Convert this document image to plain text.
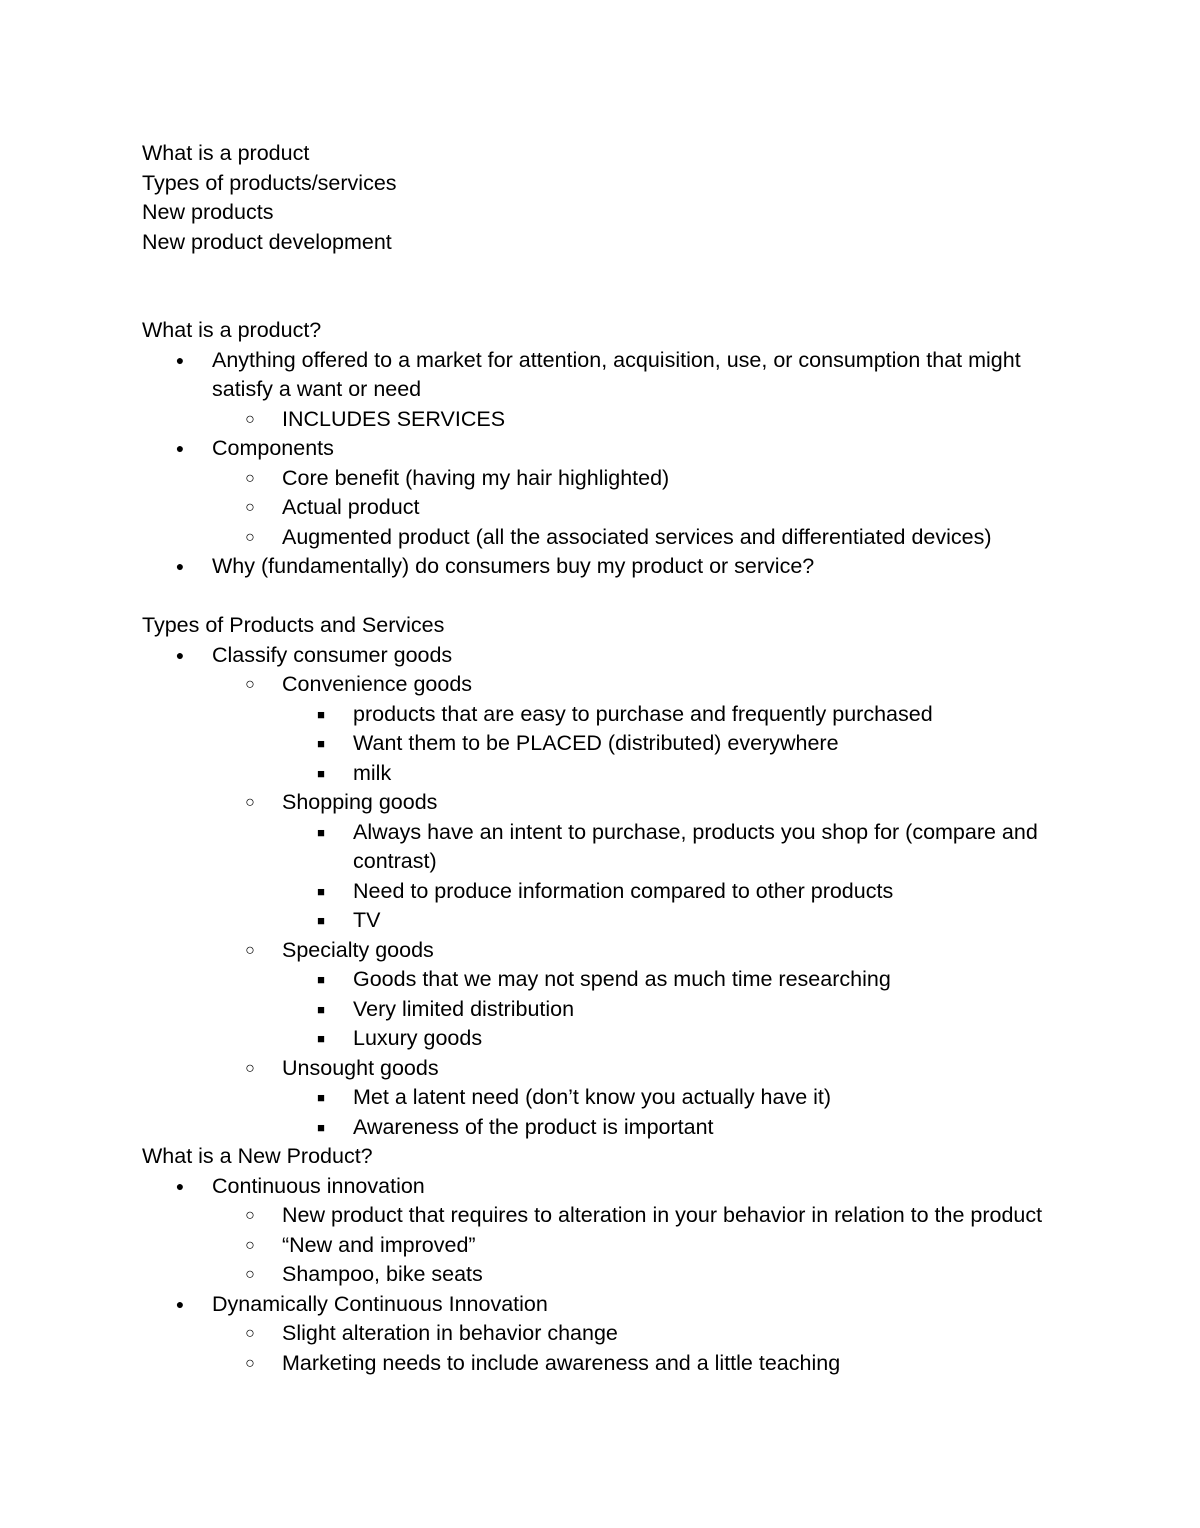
What is a product
Types of products/services
New products
New product development
What is a product?
●	Anything offered to a market for attention, acquisition, use, or consumption that might satisfy a want or need
○	INCLUDES SERVICES
●	Components
○	Core benefit (having my hair highlighted)
○	Actual product
○	Augmented product (all the associated services and differentiated devices)
●	Why (fundamentally) do consumers buy my product or service?
Types of Products and Services
●	Classify consumer goods
○	Convenience goods
■	products that are easy to purchase and frequently purchased
■	Want them to be PLACED (distributed) everywhere
■	milk
○	Shopping goods
■	Always have an intent to purchase, products you shop for (compare and contrast)
■	Need to produce information compared to other products
■	TV
○	Specialty goods
■	Goods that we may not spend as much time researching
■	Very limited distribution
■	Luxury goods
○	Unsought goods
■	Met a latent need (don’t know you actually have it)
■	Awareness of the product is important
What is a New Product?
●	Continuous innovation
○	New product that requires to alteration in your behavior in relation to the product
○	“New and improved”
○	Shampoo, bike seats
●	Dynamically Continuous Innovation
○	Slight alteration in behavior change
○	Marketing needs to include awareness and a little teaching
